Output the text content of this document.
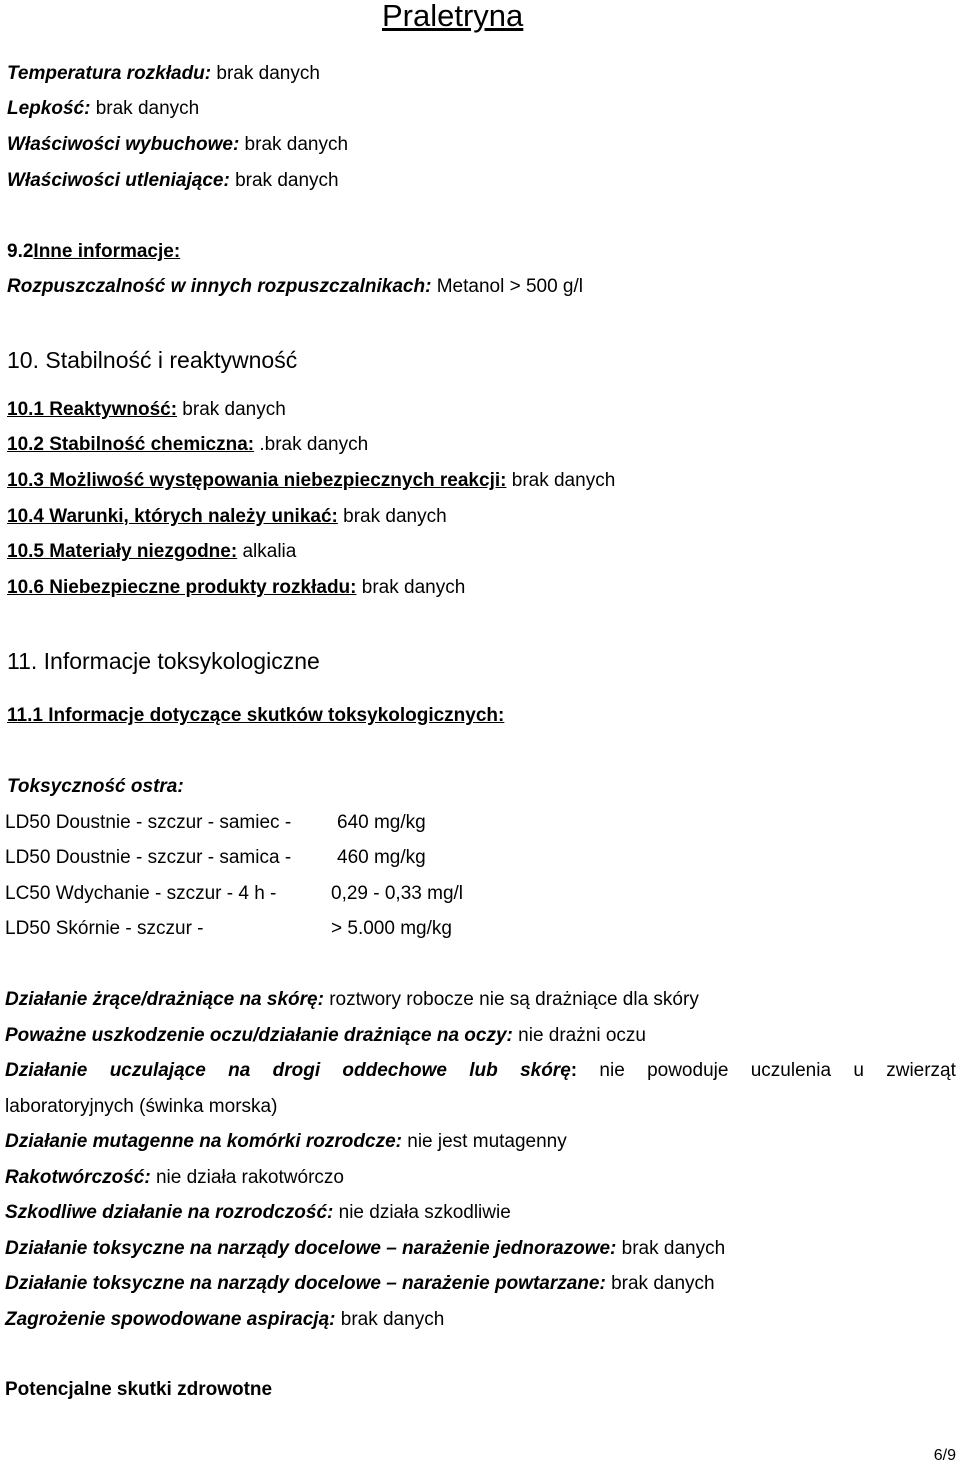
Praletryna
Temperatura rozkładu: brak danych
Lepkość: brak danych
Właściwości wybuchowe: brak danych
Właściwości utleniające: brak danych
9.2Inne informacje:
Rozpuszczalność w innych rozpuszczalnikach: Metanol > 500 g/l
10. Stabilność i reaktywność
10.1 Reaktywność: brak danych
10.2 Stabilność chemiczna: .brak danych
10.3 Możliwość występowania niebezpiecznych reakcji: brak danych
10.4 Warunki, których należy unikać: brak danych
10.5 Materiały niezgodne: alkalia
10.6 Niebezpieczne produkty rozkładu: brak danych
11. Informacje toksykologiczne
11.1 Informacje dotyczące skutków toksykologicznych:
Toksyczność ostra:
LD50 Doustnie - szczur - samiec - 640 mg/kg
LD50 Doustnie - szczur - samica - 460 mg/kg
LC50 Wdychanie - szczur - 4 h -	0,29 - 0,33 mg/l
LD50 Skórnie - szczur -	> 5.000 mg/kg
Działanie żrące/drażniące na skórę: roztwory robocze nie są drażniące dla skóry
Poważne uszkodzenie oczu/działanie drażniące na oczy: nie drażni oczu
Działanie uczulające na drogi oddechowe lub skórę: nie powoduje uczulenia u zwierząt
laboratoryjnych (świnka morska)
Działanie mutagenne na komórki rozrodcze: nie jest mutagenny
Rakotwórczość: nie działa rakotwórczo
Szkodliwe działanie na rozrodczość: nie działa szkodliwie
Działanie toksyczne na narządy docelowe – narażenie jednorazowe: brak danych
Działanie toksyczne na narządy docelowe – narażenie powtarzane: brak danych
Zagrożenie spowodowane aspiracją: brak danych
Potencjalne skutki zdrowotne
6/9
